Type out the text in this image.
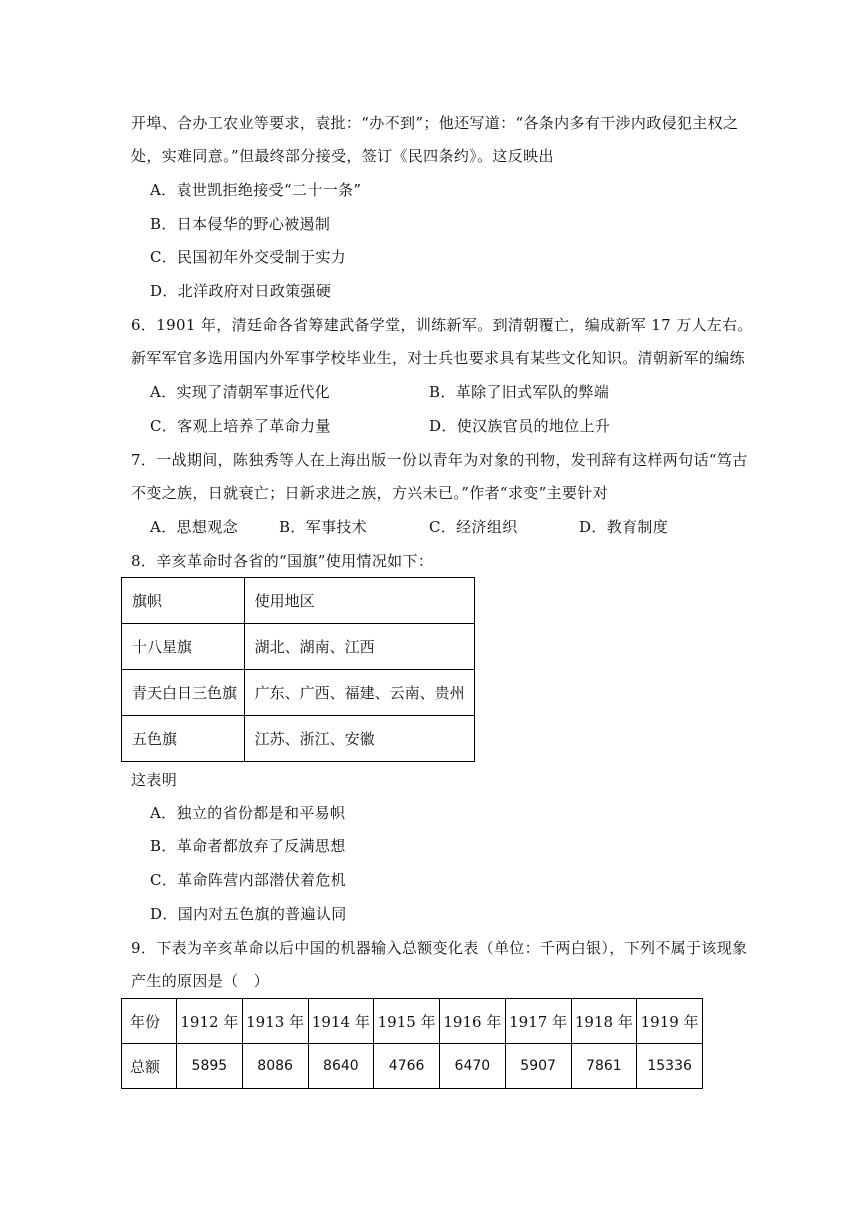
开埠、合办工农业等要求，袁批：“办不到”；他还写道：“各条内多有干涉内政侵犯主权之
处，实难同意。”但最终部分接受，签订《民四条约》。这反映出
A．袁世凯拒绝接受“二十一条”
B．日本侵华的野心被遏制
C．民国初年外交受制于实力
D．北洋政府对日政策强硬
6．1901 年，清廷命各省筹建武备学堂，训练新军。到清朝覆亡，编成新军 17 万人左右。
新军军官多选用国内外军事学校毕业生，对士兵也要求具有某些文化知识。清朝新军的编练
A．实现了清朝军事近代化	B．革除了旧式军队的弊端
C．客观上培养了革命力量	D．使汉族官员的地位上升
7．一战期间，陈独秀等人在上海出版一份以青年为对象的刊物，发刊辞有这样两句话“笃古
不变之族，日就衰亡；日新求进之族，方兴未已。”作者“求变”主要针对
A．思想观念	B．军事技术	C．经济组织	D．教育制度
8．辛亥革命时各省的“国旗”使用情况如下：
旗帜	使用地区
十八星旗	湖北、湖南、江西
青天白日三色旗	广东、广西、福建、云南、贵州
五色旗	江苏、浙江、安徽
这表明
A．独立的省份都是和平易帜
B．革命者都放弃了反满思想
C．革命阵营内部潜伏着危机
D．国内对五色旗的普遍认同
9．下表为辛亥革命以后中国的机器输入总额变化表（单位：千两白银），下列不属于该现象
产生的原因是（　）
年份	1912 年	1913 年	1914 年	1915 年	1916 年	1917 年	1918 年	1919 年
总额	5895	8086	8640	4766	6470	5907	7861	15336
